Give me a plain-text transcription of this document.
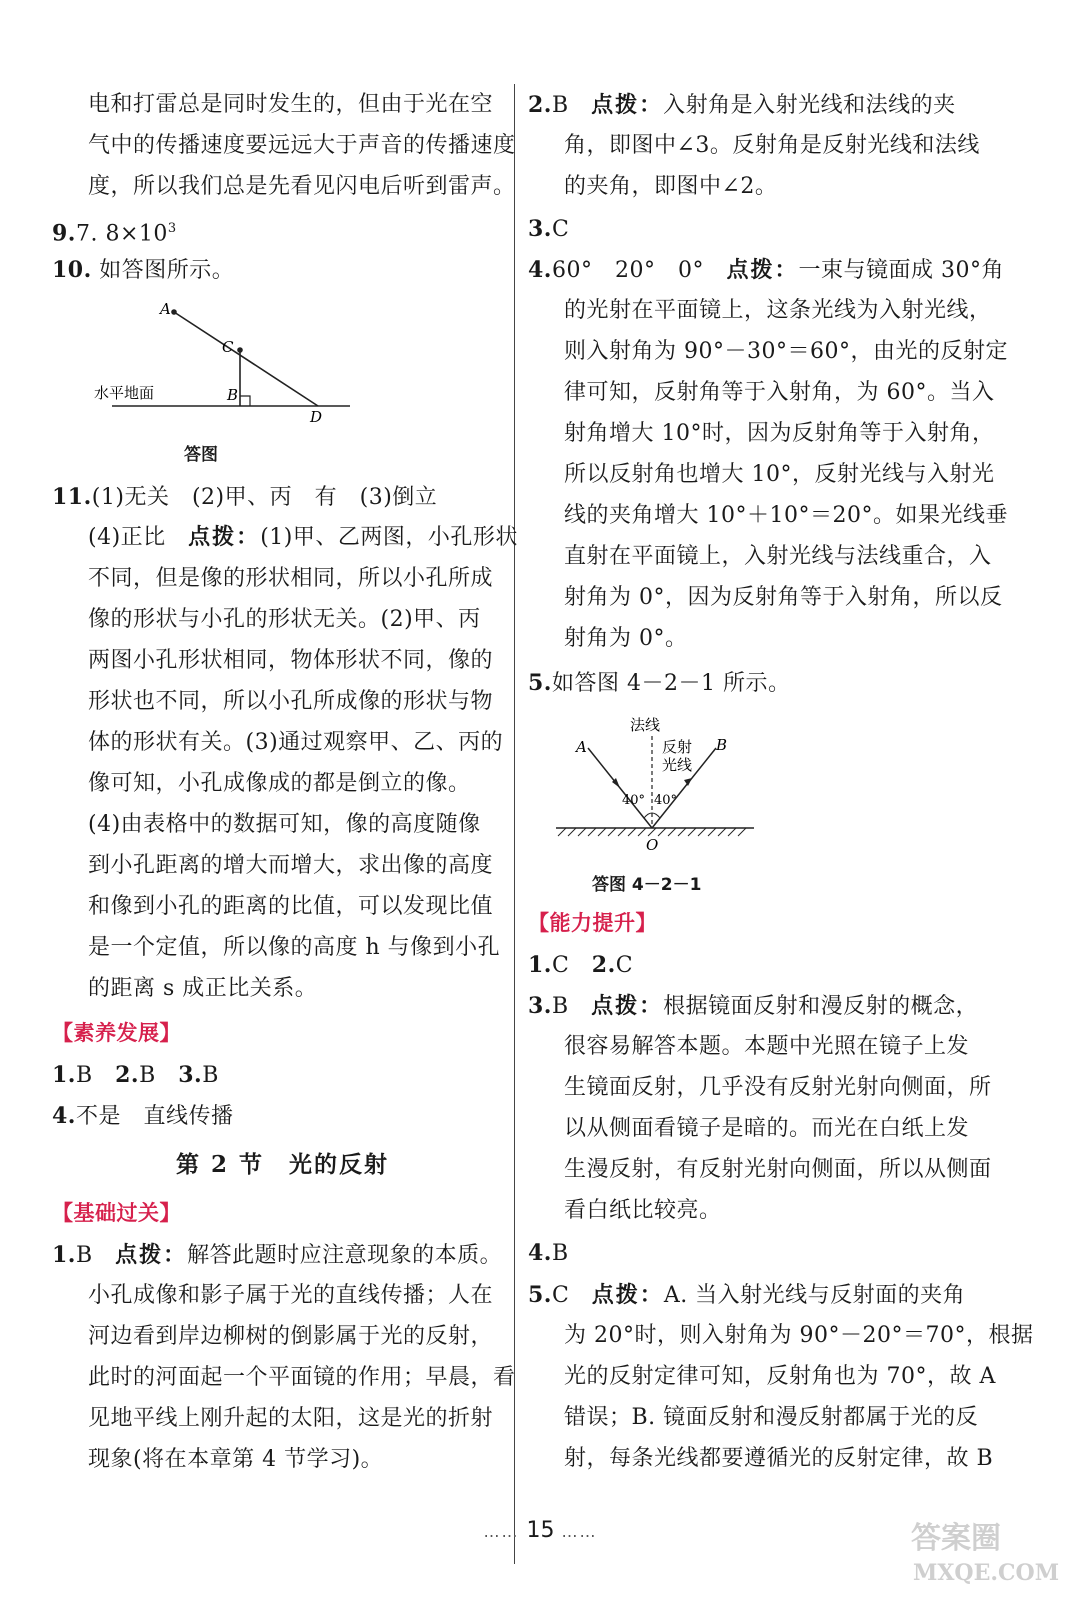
电和打雷总是同时发生的，但由于光在空
气中的传播速度要远远大于声音的传播速度
度，所以我们总是先看见闪电后听到雷声。
9.7. $8\times 10^3$
10. 如答图所示。
A
C
B
D
水平地面
答图
11.(1)无关　(2)甲、丙　有　(3)倒立
(4)正比　点拨：(1)甲、乙两图，小孔形状
不同，但是像的形状相同，所以小孔所成
像的形状与小孔的形状无关。(2)甲、丙
两图小孔形状相同，物体形状不同，像的
形状也不同，所以小孔所成像的形状与物
体的形状有关。(3)通过观察甲、乙、丙的
像可知，小孔成像成的都是倒立的像。
(4)由表格中的数据可知，像的高度随像
到小孔距离的增大而增大，求出像的高度
和像到小孔的距离的比值，可以发现比值
是一个定值，所以像的高度 h 与像到小孔
的距离 s 成正比关系。
【素养发展】
1.B 2.B 3.B
4.不是　直线传播
第 2 节　光的反射
【基础过关】
1.B 点拨：解答此题时应注意现象的本质。
小孔成像和影子属于光的直线传播；人在
河边看到岸边柳树的倒影属于光的反射，
此时的河面起一个平面镜的作用；早晨，看
见地平线上刚升起的太阳，这是光的折射
现象(将在本章第 4 节学习)。
2.B 点拨：入射角是入射光线和法线的夹
角，即图中∠3。反射角是反射光线和法线
的夹角，即图中∠2。
3.C
4.60°　20°　0° 点拨：一束与镜面成 30°角
的光射在平面镜上，这条光线为入射光线，
则入射角为 90°－30°＝60°，由光的反射定
律可知，反射角等于入射角，为 60°。当入
射角增大 10°时，因为反射角等于入射角，
所以反射角也增大 10°，反射光线与入射光
线的夹角增大 10°＋10°＝20°。如果光线垂
直射在平面镜上，入射光线与法线重合，入
射角为 0°，因为反射角等于入射角，所以反
射角为 0°。
5.如答图 4－2－1 所示。
法线
反射
光线
A	B
O
40° 40°
答图 4－2－1
【能力提升】
1.C 2.C
3.B 点拨：根据镜面反射和漫反射的概念，
很容易解答本题。本题中光照在镜子上发
生镜面反射，几乎没有反射光射向侧面，所
以从侧面看镜子是暗的。而光在白纸上发
生漫反射，有反射光射向侧面，所以从侧面
看白纸比较亮。
4.B
5.C 点拨：A. 当入射光线与反射面的夹角
为 20°时，则入射角为 90°－20°＝70°，根据
光的反射定律可知，反射角也为 70°，故 A
错误；B. 镜面反射和漫反射都属于光的反
射，每条光线都要遵循光的反射定律，故 B
…… 15 ……	答案圈
MXQE.COM
